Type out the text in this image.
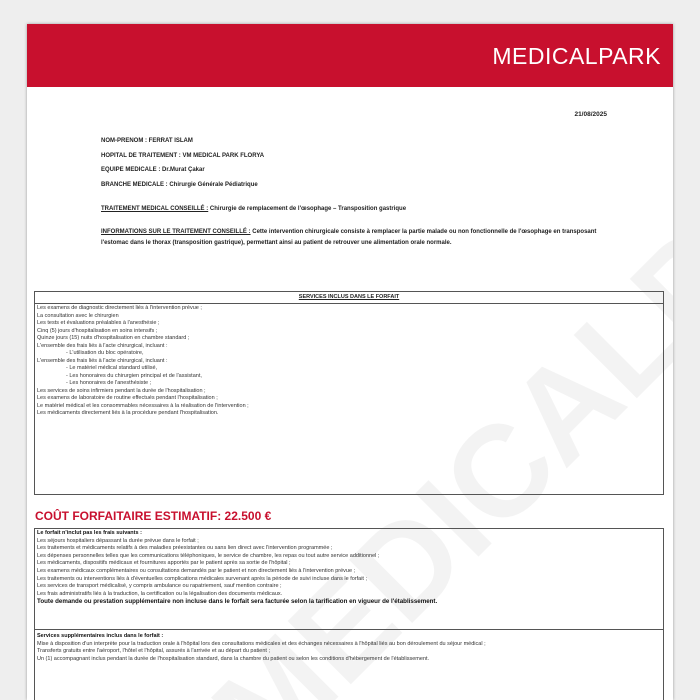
MEDICALPARK
21/08/2025
NOM-PRENOM : FERRAT ISLAM
HOPITAL DE TRAITEMENT : VM MEDICAL PARK FLORYA
EQUIPE MEDICALE : Dr.Murat Çakar
BRANCHE MEDICALE : Chirurgie Générale Pédiatrique
TRAITEMENT MEDICAL CONSEILLÉ : Chirurgie de remplacement de l'œsophage – Transposition gastrique
INFORMATIONS SUR LE TRAITEMENT CONSEILLÉ : Cette intervention chirurgicale consiste à remplacer la partie malade ou non fonctionnelle de l'œsophage en transposant l'estomac dans le thorax (transposition gastrique), permettant ainsi au patient de retrouver une alimentation orale normale.
SERVICES INCLUS DANS LE FORFAIT
Les examens de diagnostic directement liés à l'intervention prévue ;
La consultation avec le chirurgien
Les tests et évaluations préalables à l'anesthésie ;
Cinq (5) jours d'hospitalisation en soins intensifs ;
Quinze jours (15) nuits d'hospitalisation en chambre standard ;
L'ensemble des frais liés à l'acte chirurgical, incluant :
- L'utilisation du bloc opératoire,
L'ensemble des frais liés à l'acte chirurgical, incluant :
- Le matériel médical standard utilisé,
- Les honoraires du chirurgien principal et de l'assistant,
- Les honoraires de l'anesthésiste ;
Les services de soins infirmiers pendant la durée de l'hospitalisation ;
Les examens de laboratoire de routine effectués pendant l'hospitalisation ;
Le matériel médical et les consommables nécessaires à la réalisation de l'intervention ;
Les médicaments directement liés à la procédure pendant l'hospitalisation.
COÛT FORFAITAIRE ESTIMATIF: 22.500 €
Le forfait n'inclut pas les frais suivants :
Les séjours hospitaliers dépassant la durée prévue dans le forfait ;
Les traitements et médicaments relatifs à des maladies préexistantes ou sans lien direct avec l'intervention programmée ;
Les dépenses personnelles telles que les communications téléphoniques, le service de chambre, les repas ou tout autre service additionnel ;
Les médicaments, dispositifs médicaux et fournitures apportés par le patient après sa sortie de l'hôpital ;
Les examens médicaux complémentaires ou consultations demandés par le patient et non directement liés à l'intervention prévue ;
Les traitements ou interventions liés à d'éventuelles complications médicales survenant après la période de suivi incluse dans le forfait ;
Les services de transport médicalisé, y compris ambulance ou rapatriement, sauf mention contraire ;
Les frais administratifs liés à la traduction, la certification ou la légalisation des documents médicaux.
Toute demande ou prestation supplémentaire non incluse dans le forfait sera facturée selon la tarification en vigueur de l'établissement.
Services supplémentaires inclus dans le forfait :
Mise à disposition d'un interprète pour la traduction orale à l'hôpital lors des consultations médicales et des échanges nécessaires à l'hôpital liés au bon déroulement du séjour médical ;
Transferts gratuits entre l'aéroport, l'hôtel et l'hôpital, assurés à l'arrivée et au départ du patient ;
Un (1) accompagnant inclus pendant la durée de l'hospitalisation standard, dans la chambre du patient ou selon les conditions d'hébergement de l'établissement.
